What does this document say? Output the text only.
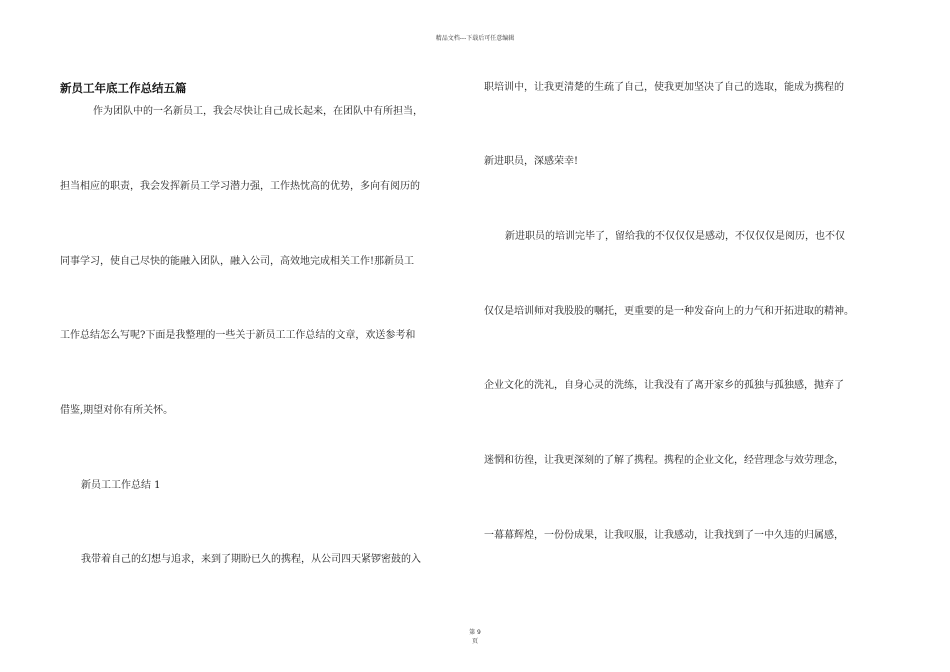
精品文档---下载后可任意编辑
新员工年底工作总结五篇
作为团队中的一名新员工，我会尽快让自己成长起来，在团队中有所担当，
担当相应的职责，我会发挥新员工学习潜力强，工作热忱高的优势，多向有阅历的
同事学习，使自己尽快的能融入团队，融入公司，高效地完成相关工作!那新员工
工作总结怎么写呢?下面是我整理的一些关于新员工工作总结的文章，欢送参考和
借鉴,期望对你有所关怀。
新员工工作总结 1
我带着自己的幻想与追求，来到了期盼已久的携程，从公司四天紧锣密鼓的入
职培训中，让我更清楚的生疏了自己，使我更加坚决了自己的选取，能成为携程的
新进职员，深感荣幸!
新进职员的培训完毕了，留给我的不仅仅仅是感动，不仅仅仅是阅历，也不仅
仅仅是培训师对我股股的嘱托，更重要的是一种发奋向上的力气和开拓进取的精神。
企业文化的洗礼，自身心灵的洗练，让我没有了离开家乡的孤独与孤独感，抛弃了
迷惘和彷徨，让我更深刻的了解了携程。携程的企业文化，经营理念与效劳理念，
一幕幕辉煌，一份份成果，让我叹服，让我感动，让我找到了一中久违的归属感，
第 9
页
